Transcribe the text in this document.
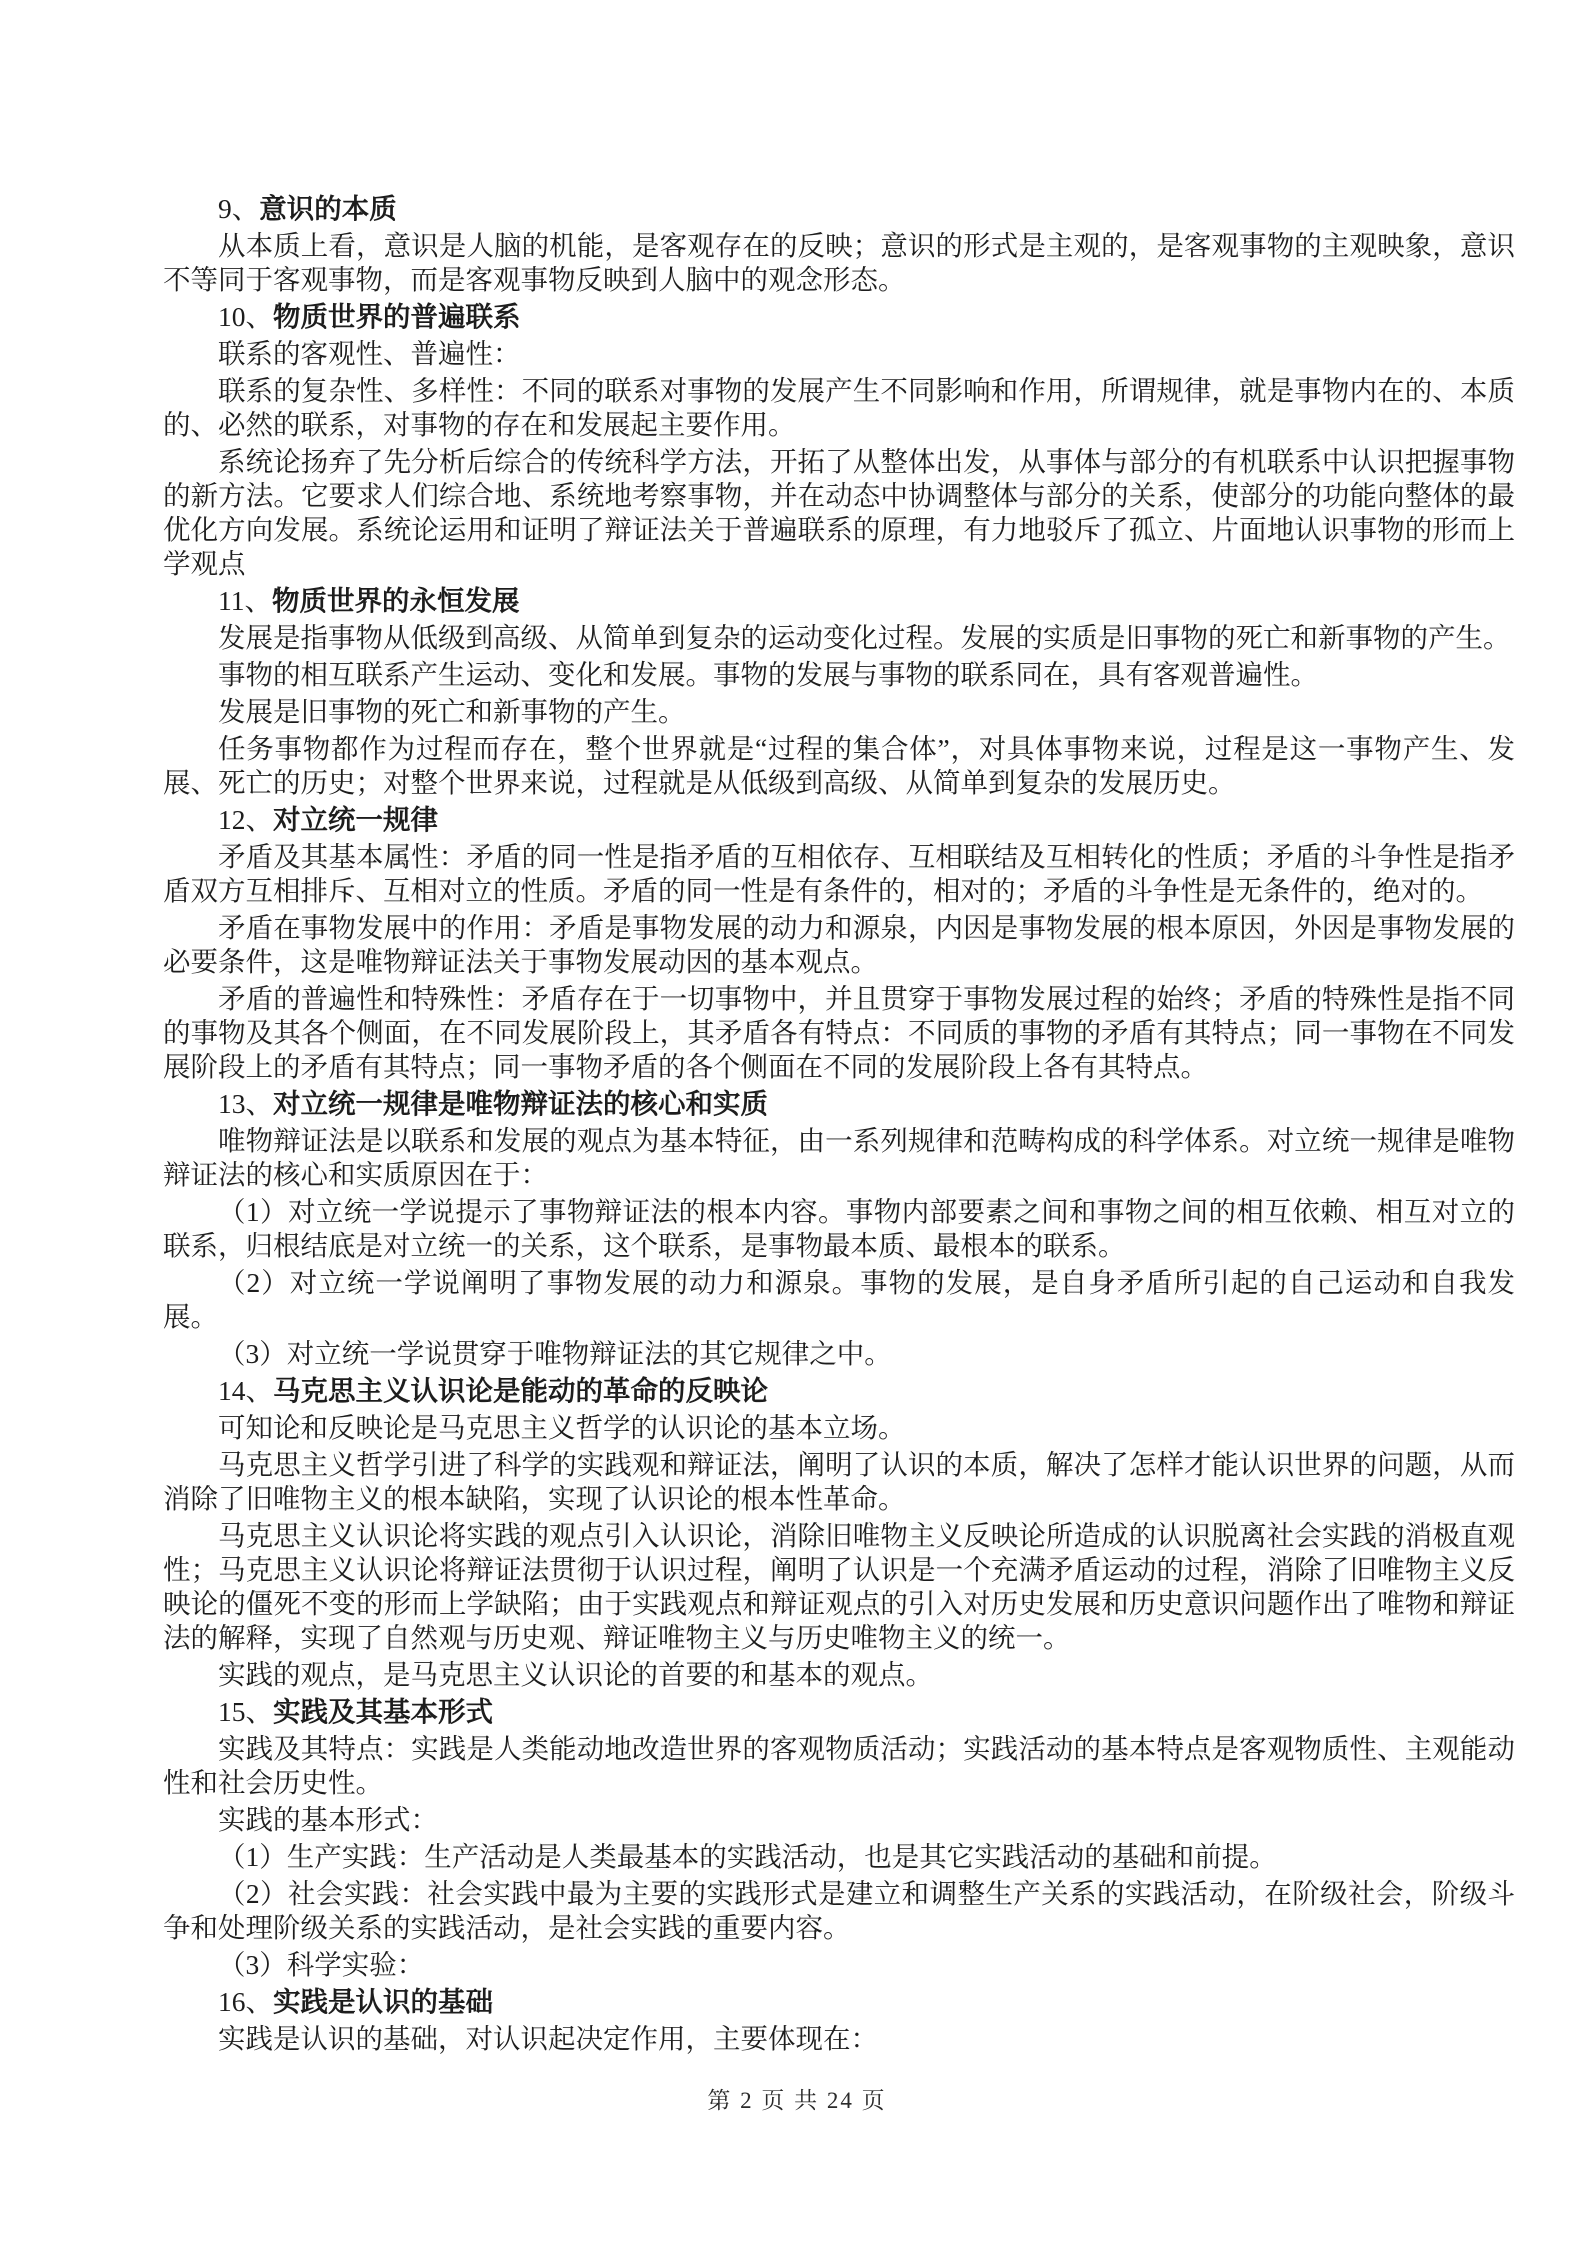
9、意识的本质

从本质上看，意识是人脑的机能，是客观存在的反映；意识的形式是主观的，是客观事物的主观映象，意识不等同于客观事物，而是客观事物反映到人脑中的观念形态。

10、物质世界的普遍联系

联系的客观性、普遍性：

联系的复杂性、多样性：不同的联系对事物的发展产生不同影响和作用，所谓规律，就是事物内在的、本质的、必然的联系，对事物的存在和发展起主要作用。

系统论扬弃了先分析后综合的传统科学方法，开拓了从整体出发，从事体与部分的有机联系中认识把握事物的新方法。它要求人们综合地、系统地考察事物，并在动态中协调整体与部分的关系，使部分的功能向整体的最优化方向发展。系统论运用和证明了辩证法关于普遍联系的原理，有力地驳斥了孤立、片面地认识事物的形而上学观点

11、物质世界的永恒发展

发展是指事物从低级到高级、从简单到复杂的运动变化过程。发展的实质是旧事物的死亡和新事物的产生。

事物的相互联系产生运动、变化和发展。事物的发展与事物的联系同在，具有客观普遍性。

发展是旧事物的死亡和新事物的产生。

任务事物都作为过程而存在，整个世界就是“过程的集合体”，对具体事物来说，过程是这一事物产生、发展、死亡的历史；对整个世界来说，过程就是从低级到高级、从简单到复杂的发展历史。

12、对立统一规律

矛盾及其基本属性：矛盾的同一性是指矛盾的互相依存、互相联结及互相转化的性质；矛盾的斗争性是指矛盾双方互相排斥、互相对立的性质。矛盾的同一性是有条件的，相对的；矛盾的斗争性是无条件的，绝对的。

矛盾在事物发展中的作用：矛盾是事物发展的动力和源泉，内因是事物发展的根本原因，外因是事物发展的必要条件，这是唯物辩证法关于事物发展动因的基本观点。

矛盾的普遍性和特殊性：矛盾存在于一切事物中，并且贯穿于事物发展过程的始终；矛盾的特殊性是指不同的事物及其各个侧面，在不同发展阶段上，其矛盾各有特点：不同质的事物的矛盾有其特点；同一事物在不同发展阶段上的矛盾有其特点；同一事物矛盾的各个侧面在不同的发展阶段上各有其特点。

13、对立统一规律是唯物辩证法的核心和实质

唯物辩证法是以联系和发展的观点为基本特征，由一系列规律和范畴构成的科学体系。对立统一规律是唯物辩证法的核心和实质原因在于：

（1）对立统一学说提示了事物辩证法的根本内容。事物内部要素之间和事物之间的相互依赖、相互对立的联系，归根结底是对立统一的关系，这个联系，是事物最本质、最根本的联系。

（2）对立统一学说阐明了事物发展的动力和源泉。事物的发展，是自身矛盾所引起的自己运动和自我发展。

（3）对立统一学说贯穿于唯物辩证法的其它规律之中。

14、马克思主义认识论是能动的革命的反映论

可知论和反映论是马克思主义哲学的认识论的基本立场。

马克思主义哲学引进了科学的实践观和辩证法，阐明了认识的本质，解决了怎样才能认识世界的问题，从而消除了旧唯物主义的根本缺陷，实现了认识论的根本性革命。

马克思主义认识论将实践的观点引入认识论，消除旧唯物主义反映论所造成的认识脱离社会实践的消极直观性；马克思主义认识论将辩证法贯彻于认识过程，阐明了认识是一个充满矛盾运动的过程，消除了旧唯物主义反映论的僵死不变的形而上学缺陷；由于实践观点和辩证观点的引入对历史发展和历史意识问题作出了唯物和辩证法的解释，实现了自然观与历史观、辩证唯物主义与历史唯物主义的统一。

实践的观点，是马克思主义认识论的首要的和基本的观点。

15、实践及其基本形式

实践及其特点：实践是人类能动地改造世界的客观物质活动；实践活动的基本特点是客观物质性、主观能动性和社会历史性。

实践的基本形式：

（1）生产实践：生产活动是人类最基本的实践活动，也是其它实践活动的基础和前提。

（2）社会实践：社会实践中最为主要的实践形式是建立和调整生产关系的实践活动，在阶级社会，阶级斗争和处理阶级关系的实践活动，是社会实践的重要内容。

（3）科学实验：

16、实践是认识的基础

实践是认识的基础，对认识起决定作用，主要体现在：

第 2 页 共 24 页
